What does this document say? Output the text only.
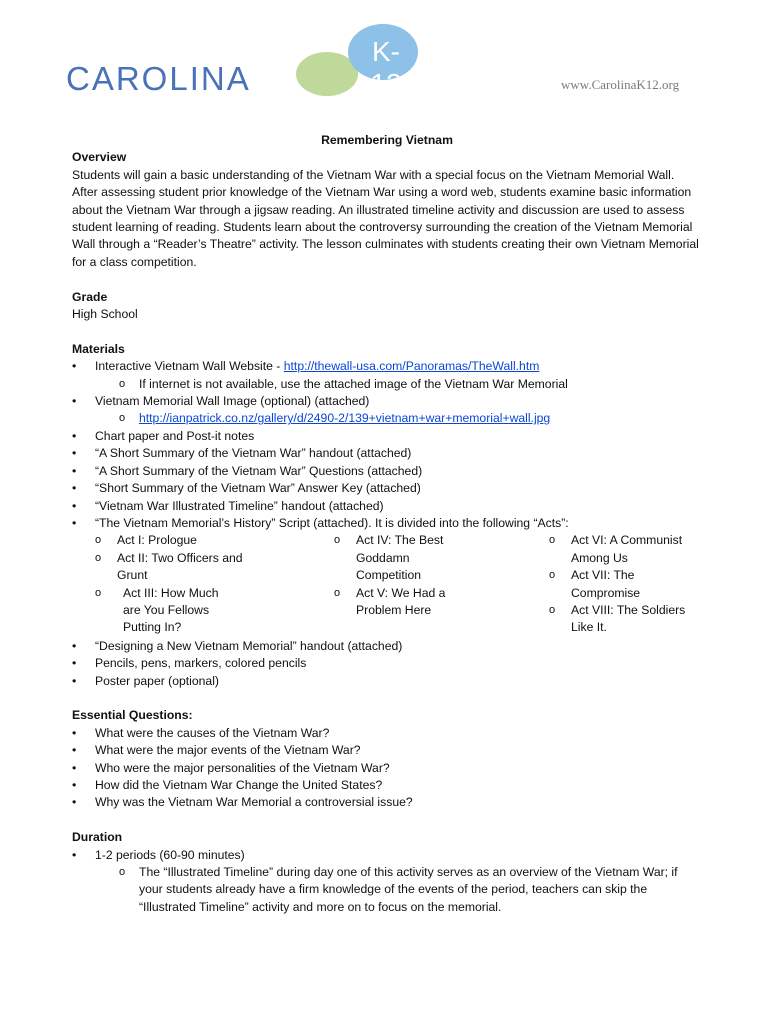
K-12
CAROLINA	www.CarolinaK12.org
Remembering Vietnam
Overview

Students will gain a basic understanding of the Vietnam War with a special focus on the Vietnam Memorial Wall. After assessing student prior knowledge of the Vietnam War using a word web, students examine basic information about the Vietnam War through a jigsaw reading. An illustrated timeline activity and discussion are used to assess student learning of reading. Students learn about the controversy surrounding the creation of the Vietnam Memorial Wall through a “Reader’s Theatre” activity. The lesson culminates with students creating their own Vietnam Memorial for a class competition.

Grade
High School
Materials
• Interactive Vietnam Wall Website - http://thewall-usa.com/Panoramas/TheWall.htm
o If internet is not available, use the attached image of the Vietnam War Memorial
• Vietnam Memorial Wall Image (optional) (attached)
o http://ianpatrick.co.nz/gallery/d/2490-2/139+vietnam+war+memorial+wall.jpg
• Chart paper and Post-it notes
• “A Short Summary of the Vietnam War” handout (attached)
• “A Short Summary of the Vietnam War” Questions (attached)
• “Short Summary of the Vietnam War” Answer Key (attached)
• “Vietnam War Illustrated Timeline” handout (attached)
• “The Vietnam Memorial’s History” Script (attached). It is divided into the following “Acts”:
o Act I: Prologue
o Act II: Two Officers and Grunt
o Act III: How Much are You Fellows Putting In?
o Act IV: The Best Goddamn Competition
o Act V: We Had a Problem Here
o Act VI: A Communist Among Us
o Act VII: The Compromise
o Act VIII: The Soldiers Like It.
• “Designing a New Vietnam Memorial” handout (attached)
• Pencils, pens, markers, colored pencils
• Poster paper (optional)
Essential Questions:
• What were the causes of the Vietnam War?
• What were the major events of the Vietnam War?
• Who were the major personalities of the Vietnam War?
• How did the Vietnam War Change the United States?
• Why was the Vietnam War Memorial a controversial issue?
Duration
• 1-2 periods (60-90 minutes)
o The “Illustrated Timeline” during day one of this activity serves as an overview of the Vietnam War; if your students already have a firm knowledge of the events of the period, teachers can skip the “Illustrated Timeline” activity and more on to focus on the memorial.
